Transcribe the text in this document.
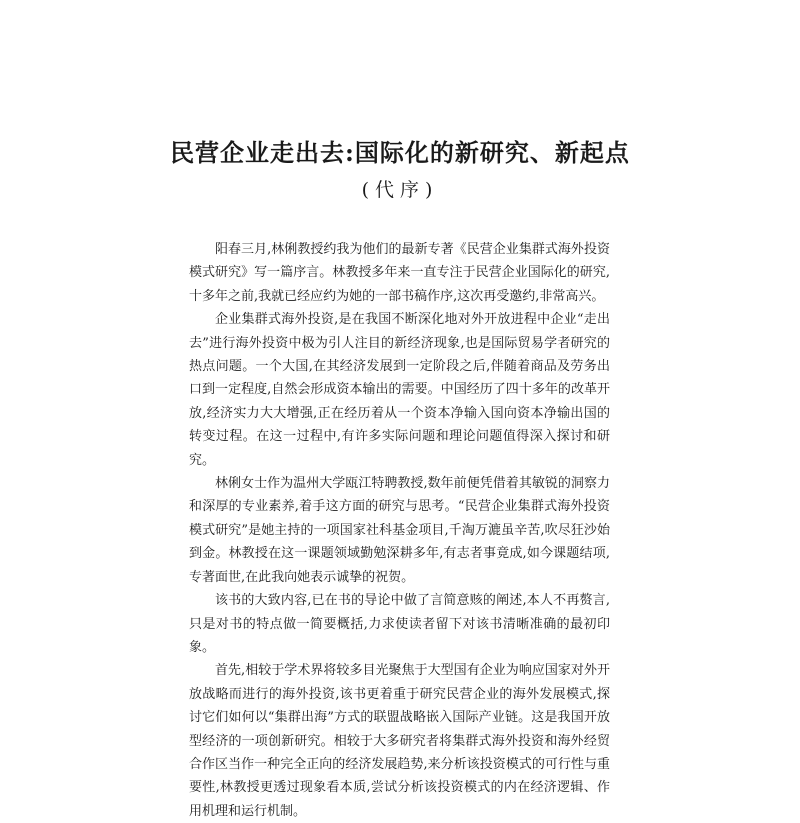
民营企业走出去:国际化的新研究、新起点
(代序)

阳春三月,林俐教授约我为他们的最新专著《民营企业集群式海外投资模式研究》写一篇序言。林教授多年来一直专注于民营企业国际化的研究,十多年之前,我就已经应约为她的一部书稿作序,这次再受邀约,非常高兴。

企业集群式海外投资,是在我国不断深化地对外开放进程中企业“走出去”进行海外投资中极为引人注目的新经济现象,也是国际贸易学者研究的热点问题。一个大国,在其经济发展到一定阶段之后,伴随着商品及劳务出口到一定程度,自然会形成资本输出的需要。中国经历了四十多年的改革开放,经济实力大大增强,正在经历着从一个资本净输入国向资本净输出国的转变过程。在这一过程中,有许多实际问题和理论问题值得深入探讨和研究。

林俐女士作为温州大学瓯江特聘教授,数年前便凭借着其敏锐的洞察力和深厚的专业素养,着手这方面的研究与思考。“民营企业集群式海外投资模式研究”是她主持的一项国家社科基金项目,千淘万漉虽辛苦,吹尽狂沙始到金。林教授在这一课题领域勤勉深耕多年,有志者事竟成,如今课题结项,专著面世,在此我向她表示诚挚的祝贺。

该书的大致内容,已在书的导论中做了言简意赅的阐述,本人不再赘言,只是对书的特点做一简要概括,力求使读者留下对该书清晰准确的最初印象。

首先,相较于学术界将较多目光聚焦于大型国有企业为响应国家对外开放战略而进行的海外投资,该书更着重于研究民营企业的海外发展模式,探讨它们如何以“集群出海”方式的联盟战略嵌入国际产业链。这是我国开放型经济的一项创新研究。相较于大多研究者将集群式海外投资和海外经贸合作区当作一种完全正向的经济发展趋势,来分析该投资模式的可行性与重要性,林教授更透过现象看本质,尝试分析该投资模式的内在经济逻辑、作用机理和运行机制。
